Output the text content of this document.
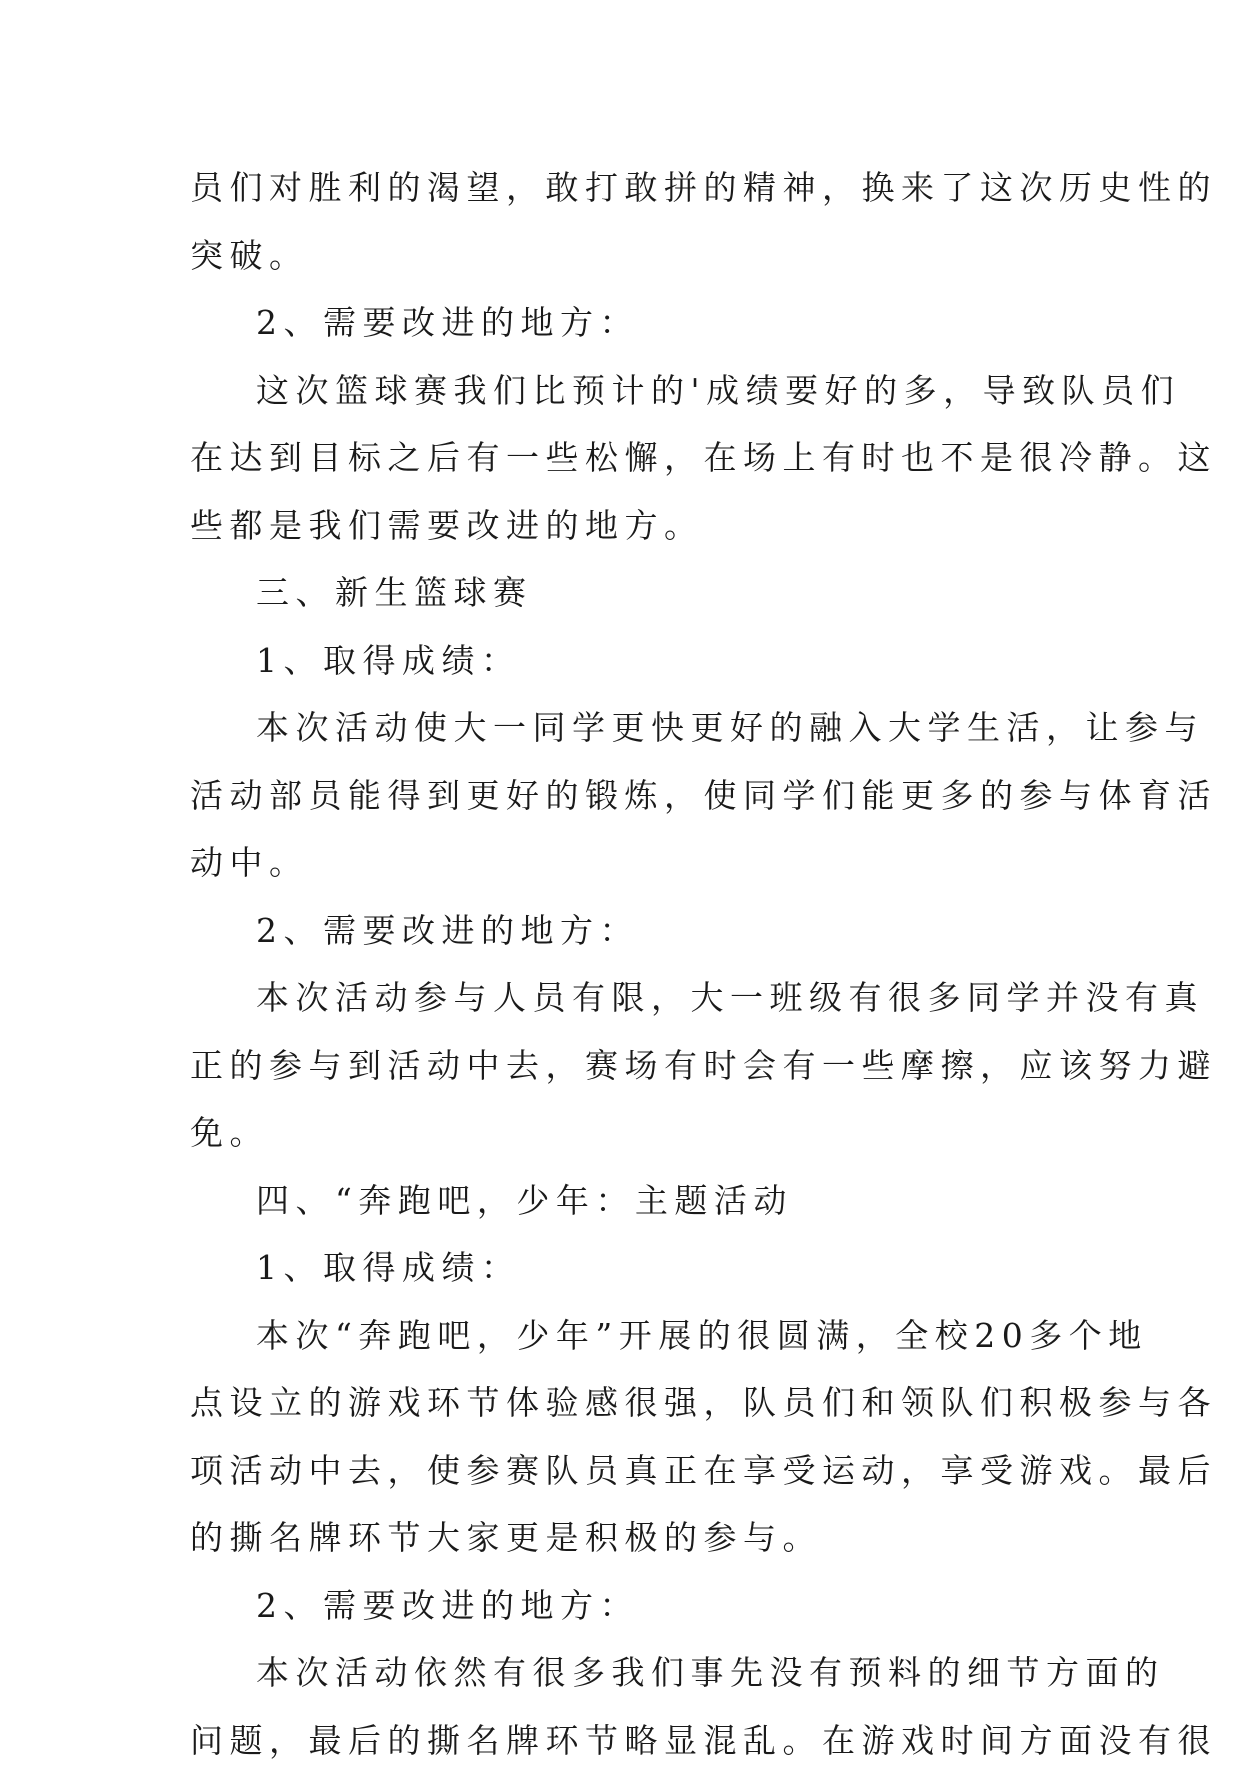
员们对胜利的渴望，敢打敢拼的精神，换来了这次历史性的
突破。
2、需要改进的地方：
这次篮球赛我们比预计的'成绩要好的多，导致队员们
在达到目标之后有一些松懈，在场上有时也不是很冷静。这
些都是我们需要改进的地方。
三、新生篮球赛
1、取得成绩：
本次活动使大一同学更快更好的融入大学生活，让参与
活动部员能得到更好的锻炼，使同学们能更多的参与体育活
动中。
2、需要改进的地方：
本次活动参与人员有限，大一班级有很多同学并没有真
正的参与到活动中去，赛场有时会有一些摩擦，应该努力避
免。
四、“奔跑吧，少年：主题活动
1、取得成绩：
本次“奔跑吧，少年”开展的很圆满，全校20多个地
点设立的游戏环节体验感很强，队员们和领队们积极参与各
项活动中去，使参赛队员真正在享受运动，享受游戏。最后
的撕名牌环节大家更是积极的参与。
2、需要改进的地方：
本次活动依然有很多我们事先没有预料的细节方面的
问题，最后的撕名牌环节略显混乱。在游戏时间方面没有很
